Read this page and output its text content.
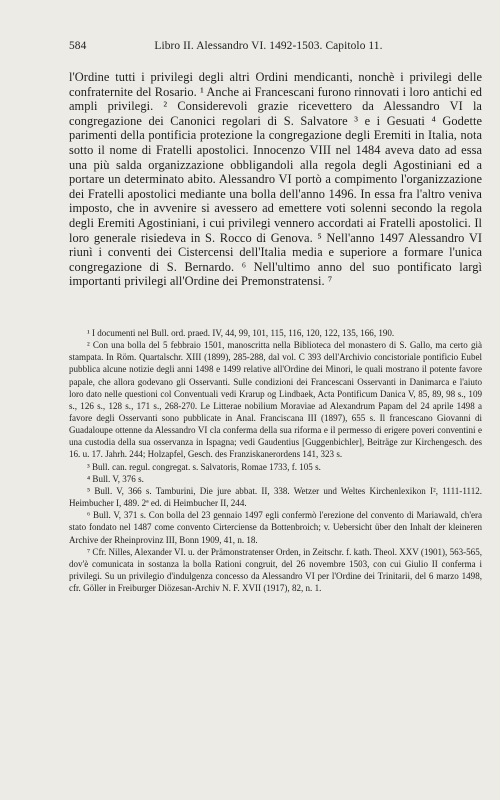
584	Libro II. Alessandro VI. 1492-1503. Capitolo 11.

l'Ordine tutti i privilegi degli altri Ordini mendicanti, nonchè i privilegi delle confraternite del Rosario. ¹ Anche ai Francescani furono rinnovati i loro antichi ed ampli privilegi. ² Considerevoli grazie ricevettero da Alessandro VI la congregazione dei Canonici regolari di S. Salvatore ³ e i Gesuati ⁴ Godette parimenti della pontificia protezione la congregazione degli Eremiti in Italia, nota sotto il nome di Fratelli apostolici. Innocenzo VIII nel 1484 aveva dato ad essa una più salda organizzazione obbligandoli alla regola degli Agostiniani ed a portare un determinato abito. Alessandro VI portò a compimento l'organizzazione dei Fratelli apostolici mediante una bolla dell'anno 1496. In essa fra l'altro veniva imposto, che in avvenire si avessero ad emettere voti solenni secondo la regola degli Eremiti Agostiniani, i cui privilegi vennero accordati ai Fratelli apostolici. Il loro generale risiedeva in S. Rocco di Genova. ⁵ Nell'anno 1497 Alessandro VI riunì i conventi dei Cistercensi dell'Italia media e superiore a formare l'unica congregazione di S. Bernardo. ⁶ Nell'ultimo anno del suo pontificato largì importanti privilegi all'Ordine dei Premonstratensi. ⁷

¹ I documenti nel Bull. ord. praed. IV, 44, 99, 101, 115, 116, 120, 122, 135, 166, 190.

² Con una bolla del 5 febbraio 1501, manoscritta nella Biblioteca del monastero di S. Gallo, ma certo già stampata. In Röm. Quartalschr. XIII (1899), 285-288, dal vol. C 393 dell'Archivio concistoriale pontificio Eubel pubblica alcune notizie degli anni 1498 e 1499 relative all'Ordine dei Minori, le quali mostrano il potente favore papale, che allora godevano gli Osservanti. Sulle condizioni dei Francescani Osservanti in Danimarca e l'aiuto loro dato nelle questioni col Conventuali vedi Krarup og Lindbaek, Acta Pontificum Danica V, 85, 89, 98 s., 109 s., 126 s., 128 s., 171 s., 268-270. Le Litterae nobilium Moraviae ad Alexandrum Papam del 24 aprile 1498 a favore degli Osservanti sono pubblicate in Anal. Franciscana III (1897), 655 s. Il francescano Giovanni di Guadaloupe ottenne da Alessandro VI cla conferma della sua riforma e il permesso di erigere poveri conventini e una custodia della sua osservanza in Ispagna; vedi Gaudentius [Guggenbichler], Beiträge zur Kirchengesch. des 16. u. 17. Jahrh. 244; Holzapfel, Gesch. des Franziskanerordens 141, 323 s.

³ Bull. can. regul. congregat. s. Salvatoris, Romae 1733, f. 105 s.

⁴ Bull. V, 376 s.

⁵ Bull. V, 366 s. Tamburini, Die jure abbat. II, 338. Wetzer und Weltes Kirchenlexikon I², 1111-1112. Heimbucher I, 489. 2ª ed. di Heimbucher II, 244.

⁶ Bull. V, 371 s. Con bolla del 23 gennaio 1497 egli confermò l'erezione del convento di Mariawald, ch'era stato fondato nel 1487 come convento Cirterciense da Bottenbroich; v. Uebersicht über den Inhalt der kleineren Archive der Rheinprovinz III, Bonn 1909, 41, n. 18.

⁷ Cfr. Nilles, Alexander VI. u. der Prämonstratenser Orden, in Zeitschr. f. kath. Theol. XXV (1901), 563-565, dov'è comunicata in sostanza la bolla Rationi congruit, del 26 novembre 1503, con cui Giulio II conferma i privilegi. Su un privilegio d'indulgenza concesso da Alessandro VI per l'Ordine dei Trinitarii, del 6 marzo 1498, cfr. Göller in Freiburger Diözesan-Archiv N. F. XVII (1917), 82, n. 1.
